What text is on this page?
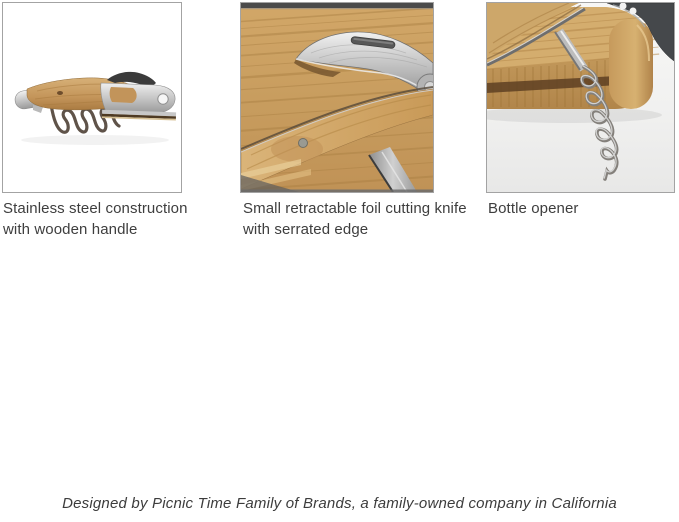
Stainless steel construction
with wooden handle
Small retractable foil cutting knife
with serrated edge
Bottle opener
Designed by Picnic Time Family of Brands, a family-owned company in California
